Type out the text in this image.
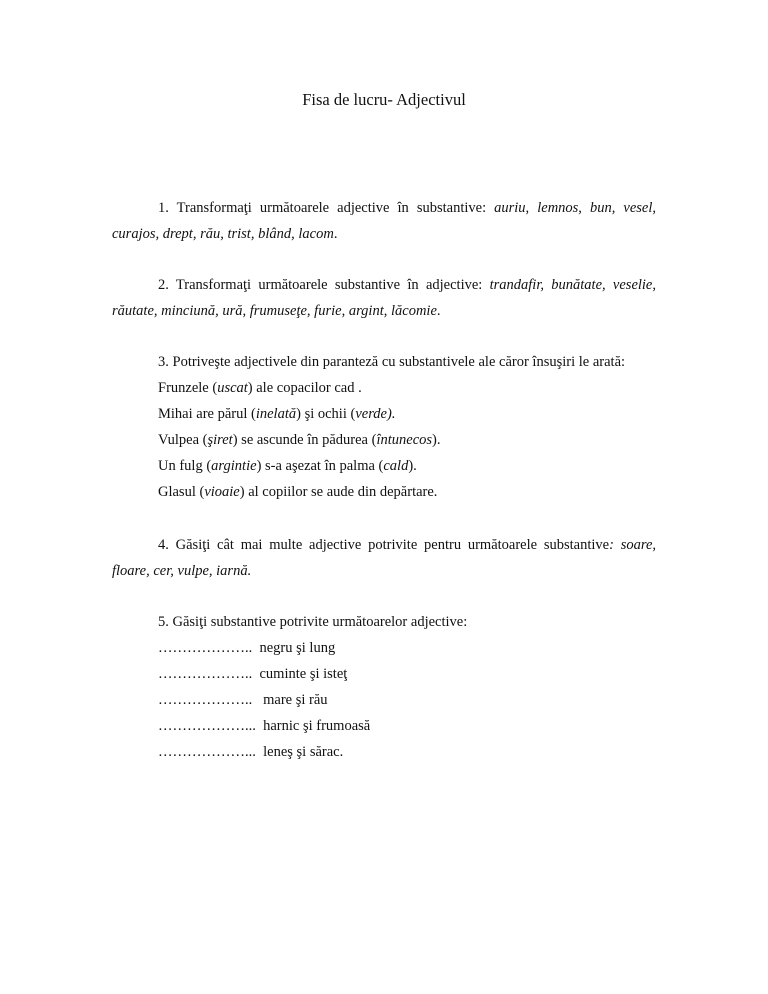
Fisa de lucru- Adjectivul
1. Transformaţi următoarele adjective în substantive: auriu, lemnos, bun, vesel, curajos, drept, rău, trist, blând, lacom.
2. Transformaţi următoarele substantive în adjective: trandafir, bunătate, veselie, răutate, minciună, ură, frumuseţe, furie, argint, lăcomie.
3. Potriveşte adjectivele din paranteză cu substantivele ale căror însuşiri le arată:
Frunzele (uscat) ale copacilor cad .
Mihai are părul (inelată) şi ochii (verde).
Vulpea (şiret) se ascunde în pădurea (întunecos).
Un fulg (argintie) s-a aşezat în palma (cald).
Glasul (vioaie) al copiilor se aude din depărtare.
4. Găsiţi cât mai multe adjective potrivite pentru următoarele substantive: soare, floare, cer, vulpe, iarnă.
5. Găsiţi substantive potrivite următoarelor adjective:
………………..  negru şi lung
………………..  cuminte şi isteţ
………………..   mare şi rău
………………...  harnic şi frumoasă
………………...  leneş şi sărac.
